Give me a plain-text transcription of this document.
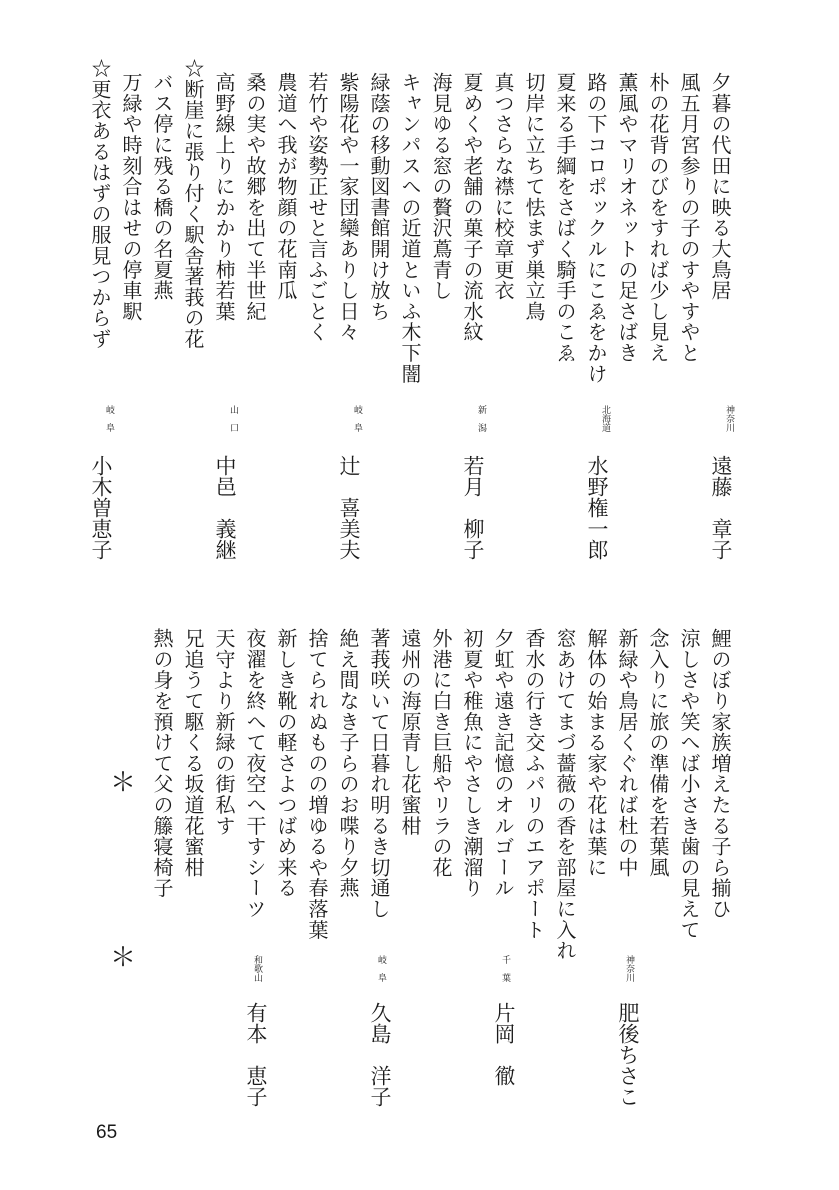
夕暮の代田に映る大鳥居
風五月宮参りの子のすやすやと
朴の花背のびをすれば少し見え
薫風やマリオネットの足さばき
路の下コロポックルにこゑをかけ
夏来る手綱をさばく騎手のこゑ
切岸に立ちて怯まず巣立鳥
真つさらな襟に校章更衣
夏めくや老舗の菓子の流水紋
海見ゆる窓の贅沢蔦青し
キャンパスへの近道といふ木下闇
緑蔭の移動図書館開け放ち
紫陽花や一家団欒ありし日々
若竹や姿勢正せと言ふごとく
農道へ我が物顔の花南瓜
桑の実や故郷を出て半世紀
高野線上りにかかり柿若葉
☆断崖に張り付く駅舎著莪の花
バス停に残る橋の名夏燕
万緑や時刻合はせの停車駅
☆更衣あるはずの服見つからず
神奈川
遠藤　章子
北海道
水野権一郎
新潟
若月　柳子
岐阜
辻　喜美夫
山口
中邑　義継
岐阜
小木曽恵子
鯉のぼり家族増えたる子ら揃ひ
涼しさや笑へば小さき歯の見えて
念入りに旅の準備を若葉風
新緑や鳥居くぐれば杜の中
解体の始まる家や花は葉に
窓あけてまづ薔薇の香を部屋に入れ
香水の行き交ふパリのエアポート
夕虹や遠き記憶のオルゴール
初夏や稚魚にやさしき潮溜り
外港に白き巨船やリラの花
遠州の海原青し花蜜柑
著莪咲いて日暮れ明るき切通し
絶え間なき子らのお喋り夕燕
捨てられぬものの増ゆるや春落葉
新しき靴の軽さよつばめ来る
夜濯を終へて夜空へ干すシーツ
天守より新緑の街私す
兄追うて駆くる坂道花蜜柑
熱の身を預けて父の籐寝椅子
神奈川
肥後ちさこ
千葉
片岡　徹
岐阜
久島　洋子
和歌山
有本　恵子
＊
＊
65
